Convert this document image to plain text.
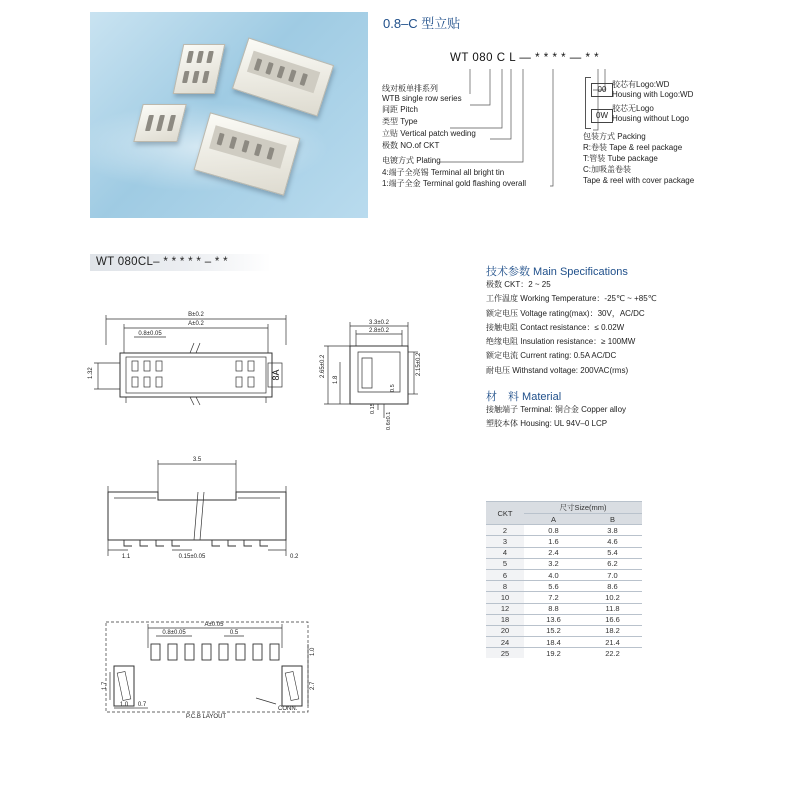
0.8–C 型立贴
WT 080 C L — * * * * — * *
线对板单排系列
WTB single row series
间距 Pitch
类型 Type
立贴 Vertical patch weding
极数 NO.of CKT
电镀方式 Plating
4:端子全亮锡 Terminal all bright tin
1:端子全金 Terminal gold flashing overall
00
胶芯有Logo:WD
Housing with Logo:WD
0W
胶芯无Logo
Housing without Logo
包装方式 Packing
R:卷装 Tape & reel package
T:管装 Tube package
C:加吸盖卷装
Tape & reel with cover package
WT 080CL– * * * * * – * *
技术参数 Main Specifications
极数 CKT：2 ~ 25
工作温度 Working Temperature：-25℃ ~ +85℃
额定电压 Voltage rating(max)：30V，AC/DC
接触电阻 Contact resistance：≤ 0.02W
绝缘电阻 Insulation resistance：≥ 100MW
额定电流 Current rating: 0.5A AC/DC
耐电压 Withstand voltage: 200VAC(rms)
材　料 Material
接触端子 Terminal: 铜合金 Copper alloy
塑胶本体 Housing: UL 94V–0 LCP
B±0.2
A±0.2
0.8±0.05
1.32	8A
3.3±0.2
2.8±0.2
2.65±0.2
1.8
2.15±0.2
0.5
0.15
0.6±0.1
3.5
1.1	0.15±0.05	0.2
A±0.05
0.8±0.05	0.5
1.0
2.7
1.7
1.0 0.7
P.C.B LAYOUT
CONN.
CKT	尺寸Size(mm)	
	A	B
2	0.8	3.8
3	1.6	4.6
4	2.4	5.4
5	3.2	6.2
6	4.0	7.0
8	5.6	8.6
10	7.2	10.2
12	8.8	11.8
18	13.6	16.6
20	15.2	18.2
24	18.4	21.4
25	19.2	22.2
